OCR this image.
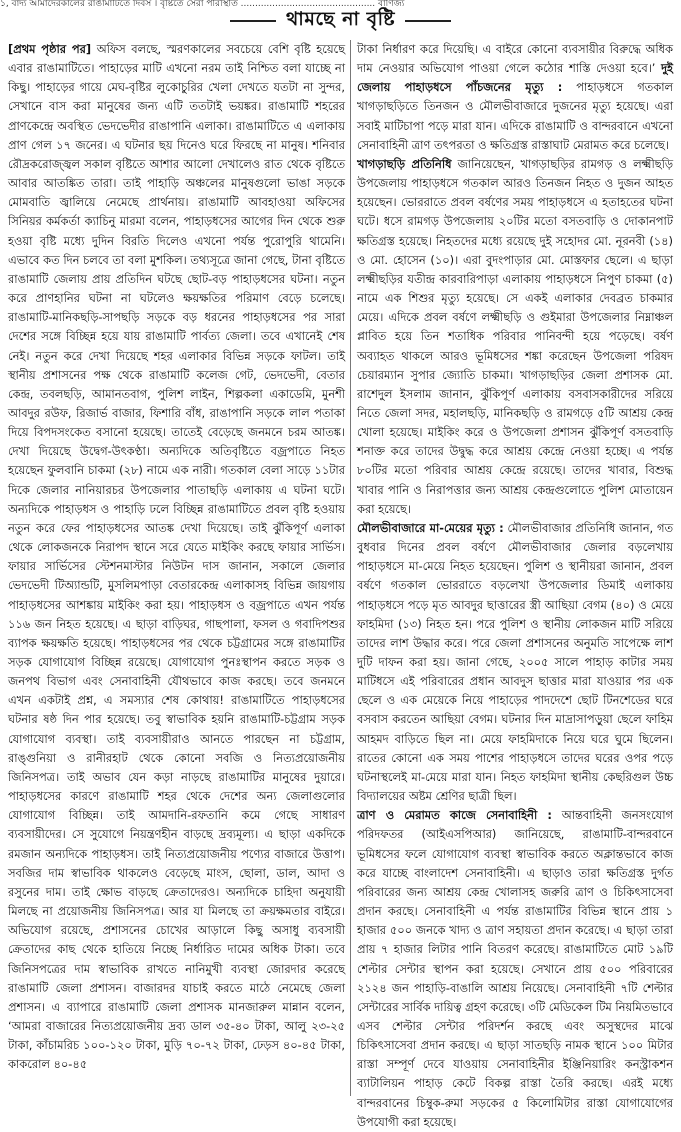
১, বাদ্য আমাদেরকালের রাঙামাটিতে দিবস । বৃষ্টিতে সেরা পরিস্থিতি ............................................... বাণিজ্য
থামছে না বৃষ্টি

[প্রথম পৃষ্ঠার পর] অফিস বলছে, স্মরণকালের সবচেয়ে বেশি বৃষ্টি হয়েছে এবার রাঙামাটিতে। পাহাড়ের মাটি এখনো নরম তাই নিশ্চিত বলা যাচ্ছে না কিছু। পাহাড়ের গায়ে মেঘ-বৃষ্টির লুকোচুরির খেলা দেখতে যতটা না সুন্দর, সেখানে বাস করা মানুষের জন্য এটি ততটাই ভয়ঙ্কর। রাঙামাটি শহরের প্রাণকেন্দ্রে অবস্থিত ভেদভেদীর রাঙাপানি এলাকা। রাঙামাটিতে এ এলাকায় প্রাণ গেল ১৭ জনের। এ ঘটনার ছয় দিনেও ঘরে ফিরছে না মানুষ। শনিবার রৌদ্রকরোজ্জ্বল সকাল বৃষ্টিতে আশার আলো দেখালেও রাত থেকে বৃষ্টিতে আবার আতঙ্কিত তারা। তাই পাহাড়ি অঞ্চলের মানুষগুলো ভাঙা সড়কে মোমবাতি জ্বালিয়ে নেমেছে প্রার্থনায়। রাঙামাটি আবহাওয়া অফিসের সিনিয়র কর্মকর্তা ক্যাচিনু মারমা বলেন, পাহাড়ধসের আগের দিন থেকে শুরু হওয়া বৃষ্টি মধ্যে দুদিন বিরতি দিলেও এখনো পর্যন্ত পুরোপুরি থামেনি। এভাবে কত দিন চলবে তা বলা মুশকিল। তথ্যসূত্রে জানা গেছে, টানা বৃষ্টিতে রাঙামাটি জেলায় প্রায় প্রতিদিন ঘটছে ছোট-বড় পাহাড়ধসের ঘটনা। নতুন করে প্রাণহানির ঘটনা না ঘটলেও ক্ষয়ক্ষতির পরিমাণ বেড়ে চলেছে। রাঙামাটি-মানিকছড়ি-সাপছড়ি সড়কে বড় ধরনের পাহাড়ধসের পর সারা দেশের সঙ্গে বিচ্ছিন্ন হয়ে যায় রাঙামাটি পার্বত্য জেলা। তবে এখানেই শেষ নেই। নতুন করে দেখা দিয়েছে শহর এলাকার বিভিন্ন সড়কে ফাটল। তাই স্থানীয় প্রশাসনের পক্ষ থেকে রাঙামাটি কলেজ গেট, ভেদভেদী, বেতার কেন্দ্র, তবলছড়ি, আমানতবাগ, পুলিশ লাইন, শিল্পকলা একাডেমি, মুনশী আবদুর রউফ, রিজার্ভ বাজার, ফিশারি বাঁধ, রাঙাপানি সড়কে লাল পতাকা দিয়ে বিপদসংকেত বসানো হয়েছে। তাতেই বেড়েছে জনমনে চরম আতঙ্ক। দেখা দিয়েছে উদ্বেগ-উৎকণ্ঠা। অন্যদিকে অতিবৃষ্টিতে বজ্রপাতে নিহত হয়েছেন ফুলবানি চাকমা (২৮) নামে এক নারী। গতকাল বেলা সাড়ে ১১টার দিকে জেলার নানিয়ারচর উপজেলার পাতাছড়ি এলাকায় এ ঘটনা ঘটে। অন্যদিকে পাহাড়ধস ও পাহাড়ি ঢলে বিচ্ছিন্ন রাঙামাটিতে প্রবল বৃষ্টি হওয়ায় নতুন করে ফের পাহাড়ধসের আতঙ্ক দেখা দিয়েছে। তাই ঝুঁকিপূর্ণ এলাকা থেকে লোকজনকে নিরাপদ স্থানে সরে যেতে মাইকিং করছে ফায়ার সার্ভিস। ফায়ার সার্ভিসের স্টেশনমাস্টার নিউটন দাস জানান, সকালে জেলার ভেদভেদী টিঅ্যান্ডটি, মুসলিমপাড়া বেতারকেন্দ্র এলাকাসহ বিভিন্ন জায়গায় পাহাড়ধসের আশঙ্কায় মাইকিং করা হয়। পাহাড়ধস ও বজ্রপাতে এখন পর্যন্ত ১১৬ জন নিহত হয়েছে। এ ছাড়া বাড়িঘর, গাছপালা, ফসল ও গবাদিপশুর ব্যাপক ক্ষয়ক্ষতি হয়েছে। পাহাড়ধসের পর থেকে চট্টগ্রামের সঙ্গে রাঙামাটির সড়ক যোগাযোগ বিচ্ছিন্ন রয়েছে। যোগাযোগ পুনঃস্থাপন করতে সড়ক ও জনপথ বিভাগ এবং সেনাবাহিনী যৌথভাবে কাজ করছে। তবে জনমনে এখন একটাই প্রশ্ন, এ সমস্যার শেষ কোথায়! রাঙামাটিতে পাহাড়ধসের ঘটনার ষষ্ঠ দিন পার হয়েছে। তবু স্বাভাবিক হয়নি রাঙামাটি-চট্টগ্রাম সড়ক যোগাযোগ ব্যবস্থা। তাই ব্যবসায়ীরাও আনতে পারছেন না চট্টগ্রাম, রাঙ্গুনিয়া ও রানীরহাট থেকে কোনো সবজি ও নিত্যপ্রয়োজনীয় জিনিসপত্র। তাই অভাব যেন কড়া নাড়ছে রাঙামাটির মানুষের দুয়ারে। পাহাড়ধসের কারণে রাঙামাটি শহর থেকে দেশের অন্য জেলাগুলোর যোগাযোগ বিচ্ছিন্ন। তাই আমদানি-রফতানি কমে গেছে সাধারণ ব্যবসায়ীদের। সে সুযোগে নিয়ন্ত্রণহীন বাড়ছে দ্রব্যমূল্য। এ ছাড়া একদিকে রমজান অন্যদিকে পাহাড়ধস। তাই নিত্যপ্রয়োজনীয় পণ্যের বাজারে উত্তাপ। সবজির দাম স্বাভাবিক থাকলেও বেড়েছে মাংস, ছোলা, ডাল, আদা ও রসুনের দাম। তাই ক্ষোভ বাড়ছে ক্রেতাদেরও। অন্যদিকে চাহিদা অনুযায়ী মিলছে না প্রয়োজনীয় জিনিসপত্র। আর যা মিলছে তা ক্রয়ক্ষমতার বাইরে। অভিযোগ রয়েছে, প্রশাসনের চোখের আড়ালে কিছু অসাধু ব্যবসায়ী ক্রেতাদের কাছ থেকে হাতিয়ে নিচ্ছে নির্ধারিত দামের অধিক টাকা। তবে জিনিসপত্রের দাম স্বাভাবিক রাখতে নানিমুখী ব্যবস্থা জোরদার করেছে রাঙামাটি জেলা প্রশাসন। বাজারদর যাচাই করতে মাঠে নেমেছে জেলা প্রশাসন। এ ব্যাপারে রাঙামাটি জেলা প্রশাসক মানজারুল মান্নান বলেন, ‘আমরা বাজারের নিত্যপ্রয়োজনীয় দ্রব্য ডাল ৩৫-৪০ টাকা, আলু ২৩-২৫ টাকা, কাঁচামরিচ ১০০-১২০ টাকা, মুড়ি ৭০-৭২ টাকা, ঢেড়স ৪০-৪৫ টাকা, কাকরোল ৪০-৪৫

টাকা নির্ধারণ করে দিয়েছি। এ বাইরে কোনো ব্যবসায়ীর বিরুদ্ধে অধিক দাম নেওয়ার অভিযোগ পাওয়া গেলে কঠোর শাস্তি দেওয়া হবে।’ দুই জেলায় পাহাড়ধসে পাঁচজনের মৃত্যু : পাহাড়ধসে গতকাল খাগড়াছড়িতে তিনজন ও মৌলভীবাজারে দুজনের মৃত্যু হয়েছে। এরা সবাই মাটিচাপা পড়ে মারা যান। এদিকে রাঙামাটি ও বান্দরবানে এখনো সেনাবাহিনী ত্রাণ তৎপরতা ও ক্ষতিগ্রস্ত রাস্তাঘাট মেরামত করে চলেছে।

খাগড়াছড়ি প্রতিনিধি জানিয়েছেন, খাগড়াছড়ির রামগড় ও লক্ষ্মীছড়ি উপজেলায় পাহাড়ধসে গতকাল আরও তিনজন নিহত ও দুজন আহত হয়েছেন। ভোররাতে প্রবল বর্ষণের সময় পাহাড়ধসে এ হতাহতের ঘটনা ঘটে। ধসে রামগড় উপজেলায় ২০টির মতো বসতবাড়ি ও দোকানপাট ক্ষতিগ্রস্ত হয়েছে। নিহতদের মধ্যে রয়েছে দুই সহোদর মো. নূরনবী (১৪) ও মো. হোসেন (১০)। এরা বুদংপাড়ার মো. মোস্তফার ছেলে। এ ছাড়া লক্ষ্মীছড়ির যতীন্দ্র কারবারিপাড়া এলাকায় পাহাড়ধসে নিপুণ চাকমা (৫) নামে এক শিশুর মৃত্যু হয়েছে। সে একই এলাকার দেবব্রত চাকমার মেয়ে। এদিকে প্রবল বর্ষণে লক্ষ্মীছড়ি ও গুইমারা উপজেলার নিম্নাঞ্চল প্লাবিত হয়ে তিন শতাধিক পরিবার পানিবন্দী হয়ে পড়েছে। বর্ষণ অব্যাহত থাকলে আরও ভূমিধসের শঙ্কা করেছেন উপজেলা পরিষদ চেয়ারম্যান সুপার জ্যোতি চাকমা। খাগড়াছড়ির জেলা প্রশাসক মো. রাশেদুল ইসলাম জানান, ঝুঁকিপূর্ণ এলাকায় বসবাসকারীদের সরিয়ে নিতে জেলা সদর, মহালছড়ি, মানিকছড়ি ও রামগড়ে ৫টি আশ্রয় কেন্দ্র খোলা হয়েছে। মাইকিং করে ও উপজেলা প্রশাসন ঝুঁকিপূর্ণ বসতবাড়ি শনাক্ত করে তাদের উদ্বুদ্ধ করে আশ্রয় কেন্দ্রে নেওয়া হচ্ছে। এ পর্যন্ত ৮০টির মতো পরিবার আশ্রয় কেন্দ্রে রয়েছে। তাদের খাবার, বিশুদ্ধ খাবার পানি ও নিরাপত্তার জন্য আশ্রয় কেন্দ্রগুলোতে পুলিশ মোতায়েন করা হয়েছে।

মৌলভীবাজারে মা-মেয়ের মৃত্যু : মৌলভীবাজার প্রতিনিধি জানান, গত বুধবার দিনের প্রবল বর্ষণে মৌলভীবাজার জেলার বড়লেখায় পাহাড়ধসে মা-মেয়ে নিহত হয়েছেন। পুলিশ ও স্থানীয়রা জানান, প্রবল বর্ষণে গতকাল ভোররাতে বড়লেখা উপজেলার ডিমাই এলাকায় পাহাড়ধসে পড়ে মৃত আবদুর ছাত্তারের স্ত্রী আছিয়া বেগম (৪০) ও মেয়ে ফাহমিদা (১৩) নিহত হন। পরে পুলিশ ও স্থানীয় লোকজন মাটি সরিয়ে তাদের লাশ উদ্ধার করে। পরে জেলা প্রশাসনের অনুমতি সাপেক্ষে লাশ দুটি দাফন করা হয়। জানা গেছে, ২০০৫ সালে পাহাড় কাটার সময় মাটিধসে এই পরিবারের প্রধান আবদুস ছাত্তার মারা যাওয়ার পর এক ছেলে ও এক মেয়েকে নিয়ে পাহাড়ের পাদদেশে ছোট টিনশেডের ঘরে বসবাস করতেন আছিয়া বেগম। ঘটনার দিন মাদ্রাসাপড়ুয়া ছেলে ফাহিম আহমদ বাড়িতে ছিল না। মেয়ে ফাহমিদাকে নিয়ে ঘরে ঘুমে ছিলেন। রাতের কোনো এক সময় পাশের পাহাড়ধসে তাদের ঘরের ওপর পড়ে ঘটনাস্থলেই মা-মেয়ে মারা যান। নিহত ফাহমিদা স্থানীয় কেছরিগুল উচ্চ বিদ্যালয়ের অষ্টম শ্রেণির ছাত্রী ছিল।

ত্রাণ ও মেরামত কাজে সেনাবাহিনী : আন্তবাহিনী জনসংযোগ পরিদফতর (আইএসপিআর) জানিয়েছে, রাঙামাটি-বান্দরবানে ভূমিধসের ফলে যোগাযোগ ব্যবস্থা স্বাভাবিক করতে অক্লান্তভাবে কাজ করে যাচ্ছে বাংলাদেশ সেনাবাহিনী। এ ছাড়াও তারা ক্ষতিগ্রস্ত দুর্গত পরিবারের জন্য আশ্রয় কেন্দ্র খোলাসহ জরুরি ত্রাণ ও চিকিৎসাসেবা প্রদান করছে। সেনাবাহিনী এ পর্যন্ত রাঙামাটির বিভিন্ন স্থানে প্রায় ১ হাজার ৫০০ জনকে খাদ্য ও ত্রাণ সহায়তা প্রদান করেছে। এ ছাড়া তারা প্রায় ৭ হাজার লিটার পানি বিতরণ করেছে। রাঙামাটিতে মোট ১৯টি শেল্টার সেন্টার স্থাপন করা হয়েছে। সেখানে প্রায় ৫০০ পরিবারের ২১২৪ জন পাহাড়ি-বাঙালি আশ্রয় নিয়েছে। সেনাবাহিনী ৭টি শেল্টার সেন্টারের সার্বিক দায়িত্ব গ্রহণ করেছে। ৩টি মেডিকেল টিম নিয়মিতভাবে এসব শেল্টার সেন্টার পরিদর্শন করছে এবং অসুস্থদের মাঝে চিকিৎসাসেবা প্রদান করছে। এ ছাড়া সাতছড়ি নামক স্থানে ১০০ মিটার রাস্তা সম্পূর্ণ দেবে যাওয়ায় সেনাবাহিনীর ইঞ্জিনিয়ারিং কনস্ট্রাকশন ব্যাটালিয়ন পাহাড় কেটে বিকল্প রাস্তা তৈরি করছে। এরই মধ্যে বান্দরবানের চিম্বুক-রুমা সড়কের ৫ কিলোমিটার রাস্তা যোগাযোগের উপযোগী করা হয়েছে।
